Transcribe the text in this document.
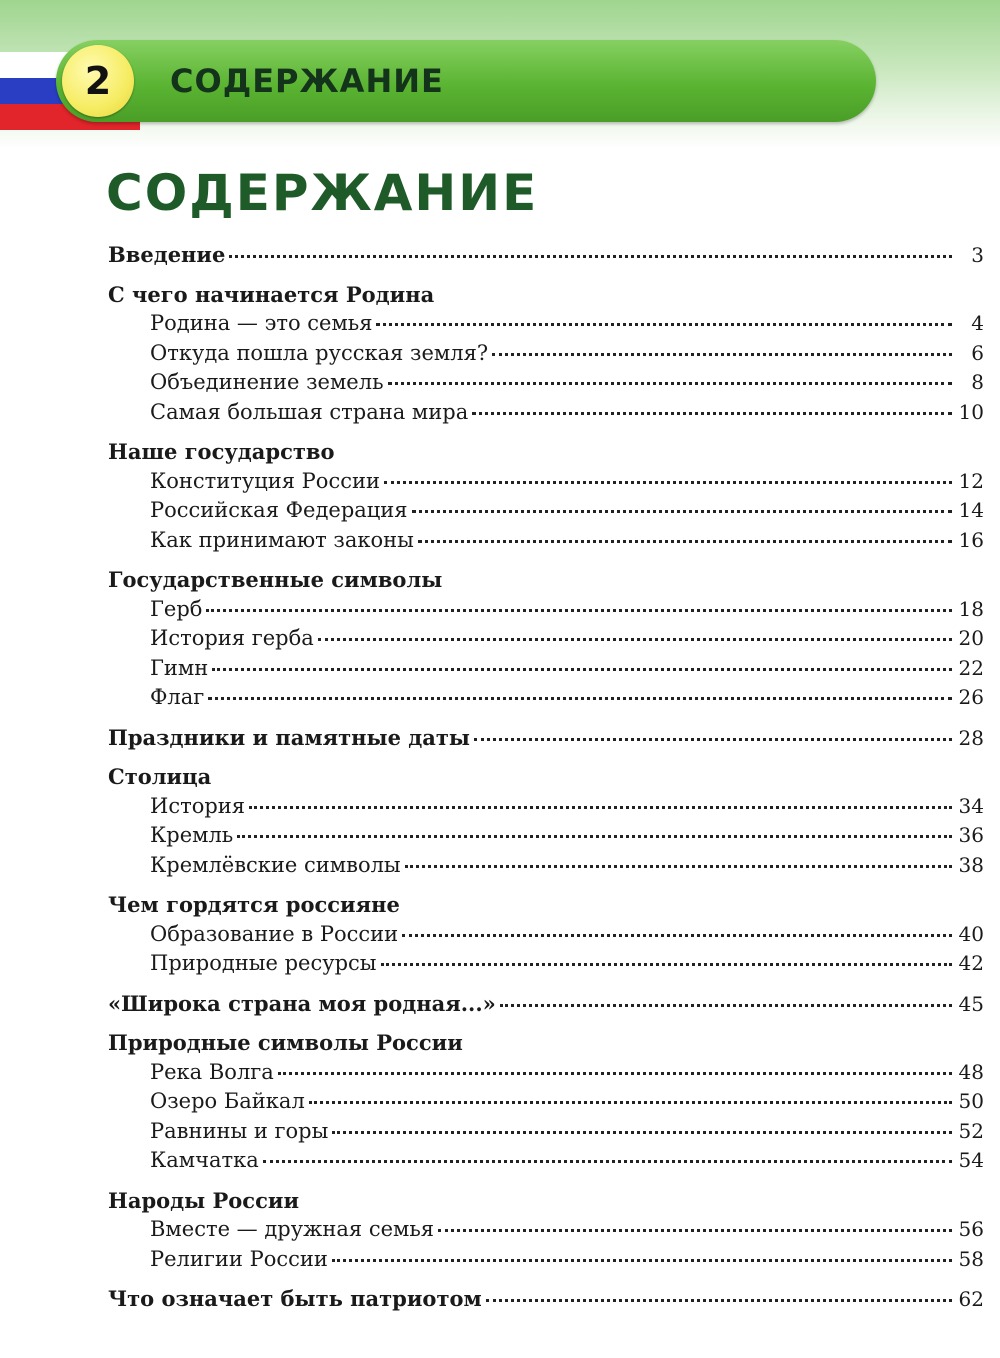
2	СОДЕРЖАНИЕ
СОДЕРЖАНИЕ
Введение	3
С чего начинается Родина
Родина — это семья	4
Откуда пошла русская земля?	6
Объединение земель	8
Самая большая страна мира	10
Наше государство
Конституция России	12
Российская Федерация	14
Как принимают законы	16
Государственные символы
Герб	18
История герба	20
Гимн	22
Флаг	26
Праздники и памятные даты	28
Столица
История	34
Кремль	36
Кремлёвские символы	38
Чем гордятся россияне
Образование в России	40
Природные ресурсы	42
«Широка страна моя родная...»	45
Природные символы России
Река Волга	48
Озеро Байкал	50
Равнины и горы	52
Камчатка	54
Народы России
Вместе — дружная семья	56
Религии России	58
Что означает быть патриотом	62
